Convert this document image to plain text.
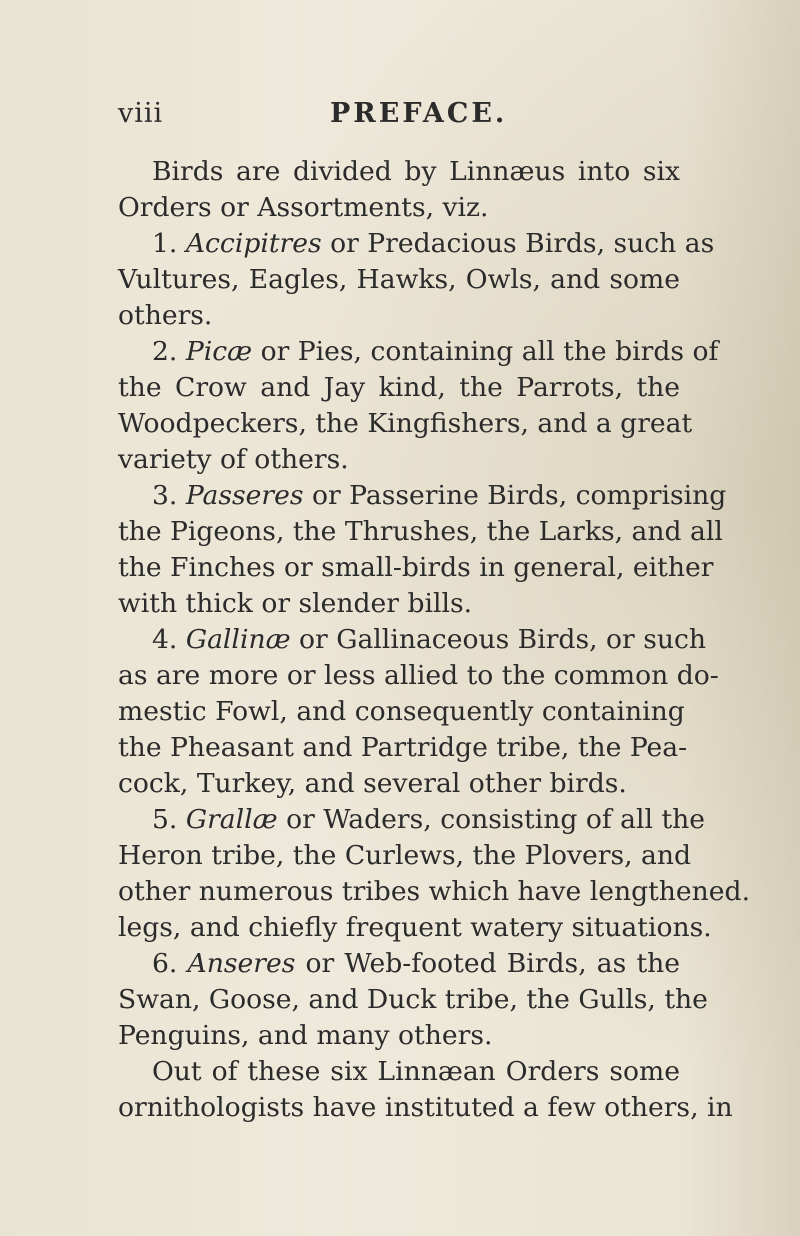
viii	PREFACE.
Birds are divided by Linnæus into six
Orders or Assortments, viz.
1. Accipitres or Predacious Birds, such as
Vultures, Eagles, Hawks, Owls, and some
others.
2. Picæ or Pies, containing all the birds of
the Crow and Jay kind, the Parrots, the
Woodpeckers, the Kingfishers, and a great
variety of others.
3. Passeres or Passerine Birds, comprising
the Pigeons, the Thrushes, the Larks, and all
the Finches or small-birds in general, either
with thick or slender bills.
4. Gallinæ or Gallinaceous Birds, or such
as are more or less allied to the common do-
mestic Fowl, and consequently containing
the Pheasant and Partridge tribe, the Pea-
cock, Turkey, and several other birds.
5. Grallæ or Waders, consisting of all the
Heron tribe, the Curlews, the Plovers, and
other numerous tribes which have lengthened.
legs, and chiefly frequent watery situations.
6. Anseres or Web-footed Birds, as the
Swan, Goose, and Duck tribe, the Gulls, the
Penguins, and many others.
Out of these six Linnæan Orders some
ornithologists have instituted a few others, in
